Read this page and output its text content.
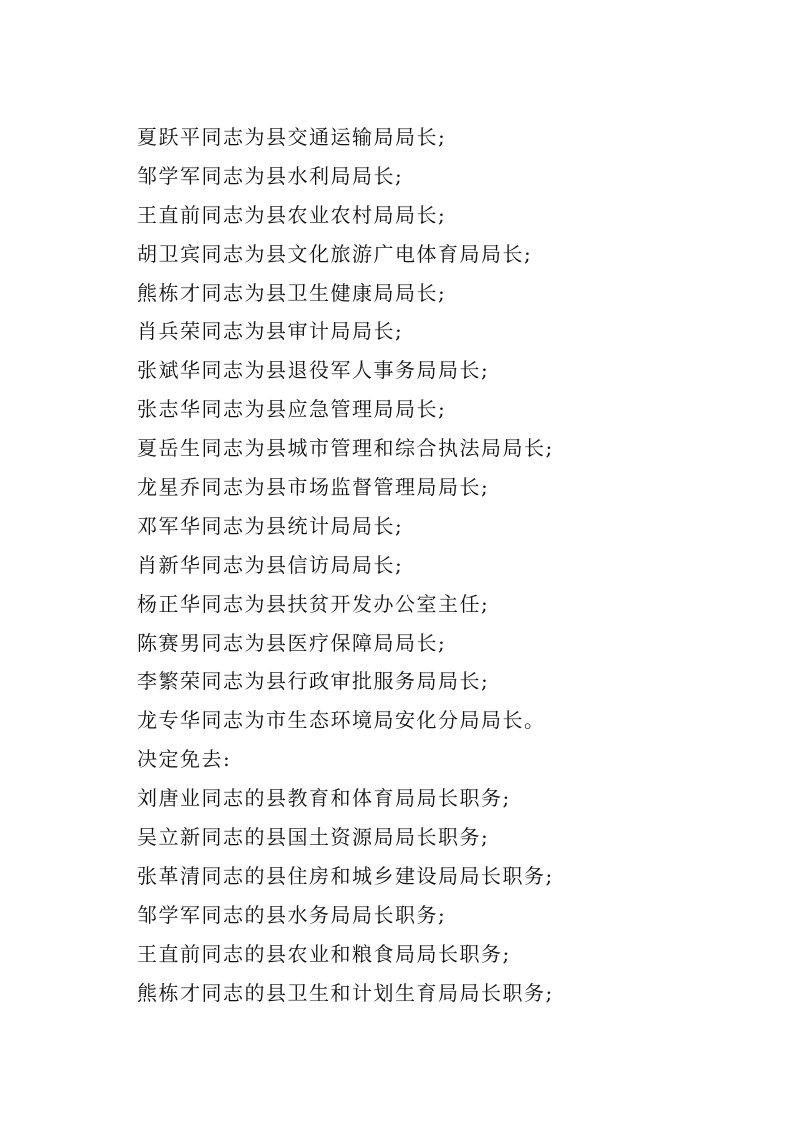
夏跃平同志为县交通运输局局长;
邹学军同志为县水利局局长;
王直前同志为县农业农村局局长;
胡卫宾同志为县文化旅游广电体育局局长;
熊栋才同志为县卫生健康局局长;
肖兵荣同志为县审计局局长;
张斌华同志为县退役军人事务局局长;
张志华同志为县应急管理局局长;
夏岳生同志为县城市管理和综合执法局局长;
龙星乔同志为县市场监督管理局局长;
邓军华同志为县统计局局长;
肖新华同志为县信访局局长;
杨正华同志为县扶贫开发办公室主任;
陈赛男同志为县医疗保障局局长;
李繁荣同志为县行政审批服务局局长;
龙专华同志为市生态环境局安化分局局长。
决定免去:
刘唐业同志的县教育和体育局局长职务;
吴立新同志的县国土资源局局长职务;
张革清同志的县住房和城乡建设局局长职务;
邹学军同志的县水务局局长职务;
王直前同志的县农业和粮食局局长职务;
熊栋才同志的县卫生和计划生育局局长职务;
